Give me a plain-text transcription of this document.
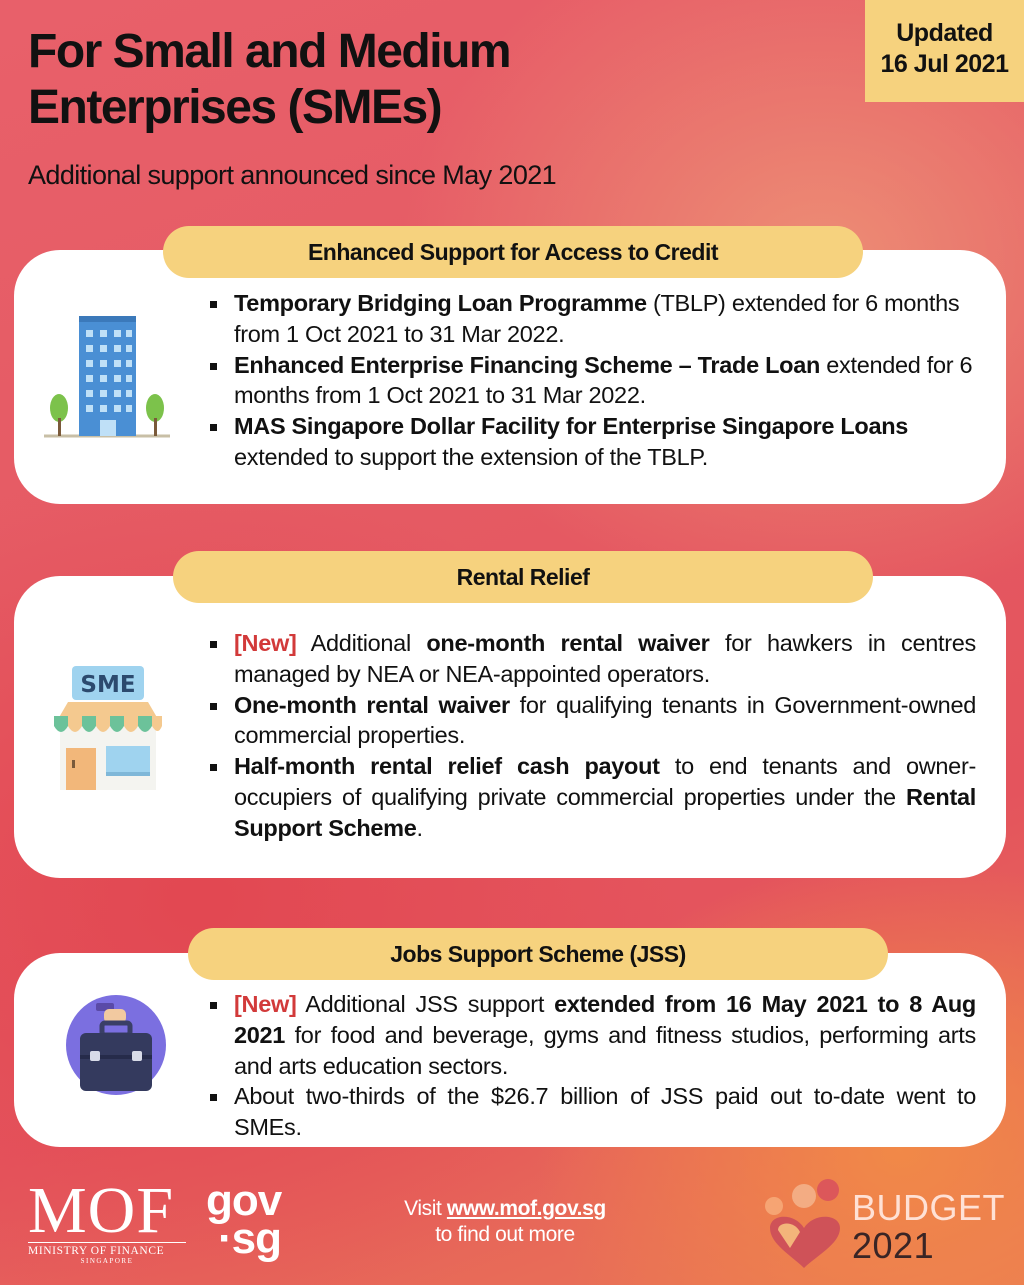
For Small and Medium Enterprises (SMEs)
Additional support announced since May 2021
Updated
16 Jul 2021
Enhanced Support for Access to Credit
Temporary Bridging Loan Programme (TBLP) extended for 6 months from 1 Oct 2021 to 31 Mar 2022.
Enhanced Enterprise Financing Scheme – Trade Loan extended for 6 months from 1 Oct 2021 to 31 Mar 2022.
MAS Singapore Dollar Facility for Enterprise Singapore Loans extended to support the extension of the TBLP.
Rental Relief
SME
[New] Additional one-month rental waiver for hawkers in centres managed by NEA or NEA-appointed operators.
One-month rental waiver for qualifying tenants in Government-owned commercial properties.
Half-month rental relief cash payout to end tenants and owner-occupiers of qualifying private commercial properties under the Rental Support Scheme.
Jobs Support Scheme (JSS)
[New] Additional JSS support extended from 16 May 2021 to 8 Aug 2021 for food and beverage, gyms and fitness studios, performing arts and arts education sectors.
About two-thirds of the $26.7 billion of JSS paid out to-date went to SMEs.
MOF
MINISTRY OF FINANCE
SINGAPORE
gov
·sg
Visit www.mof.gov.sg
to find out more
BUDGET
2021
